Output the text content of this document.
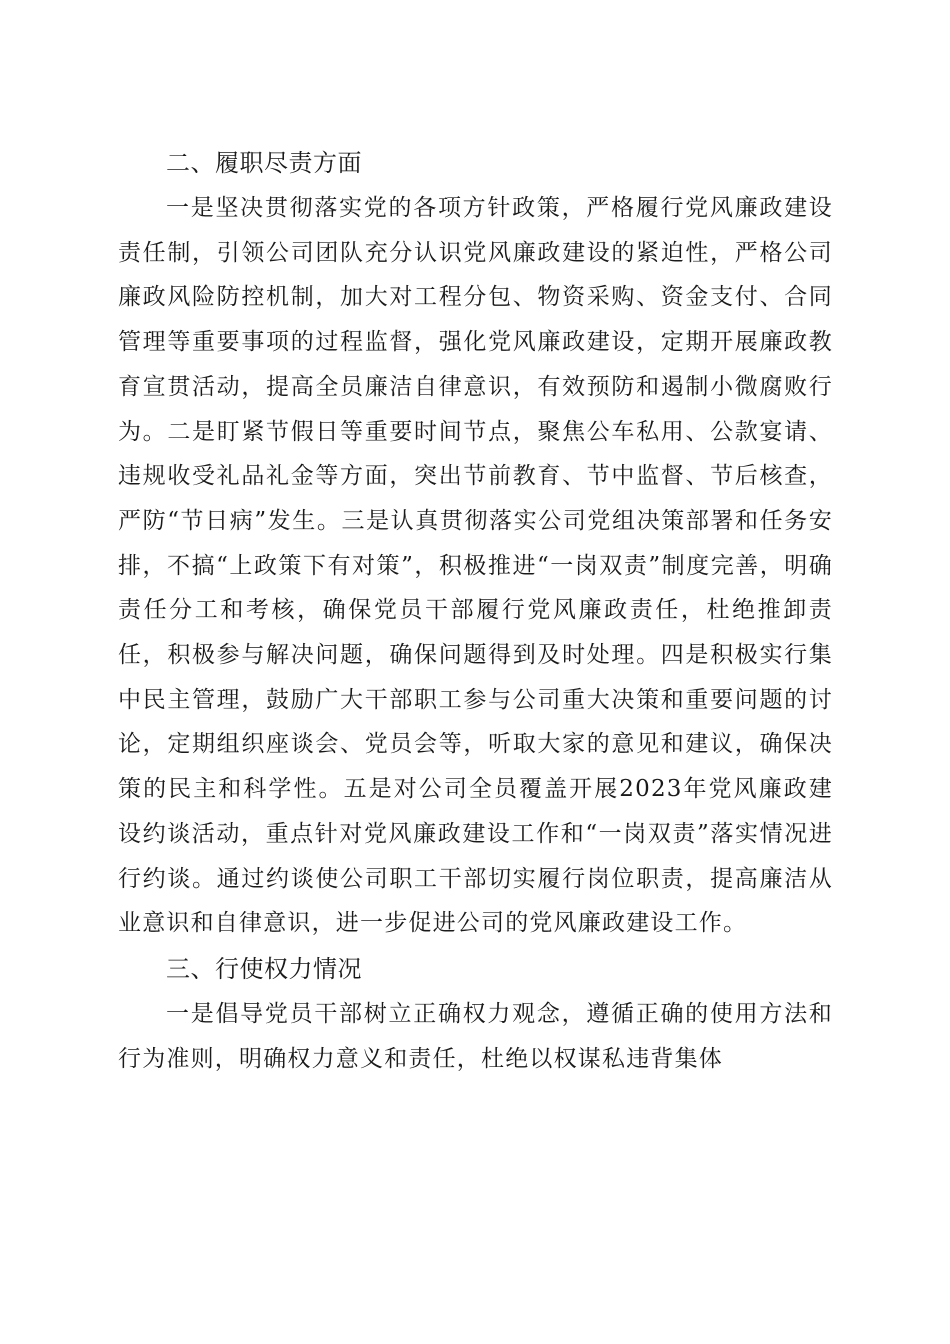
二、履职尽责方面

一是坚决贯彻落实党的各项方针政策，严格履行党风廉政建设责任制，引领公司团队充分认识党风廉政建设的紧迫性，严格公司廉政风险防控机制，加大对工程分包、物资采购、资金支付、合同管理等重要事项的过程监督，强化党风廉政建设，定期开展廉政教育宣贯活动，提高全员廉洁自律意识，有效预防和遏制小微腐败行为。二是盯紧节假日等重要时间节点，聚焦公车私用、公款宴请、违规收受礼品礼金等方面，突出节前教育、节中监督、节后核查，严防“节日病”发生。三是认真贯彻落实公司党组决策部署和任务安排，不搞“上政策下有对策”，积极推进“一岗双责”制度完善，明确责任分工和考核，确保党员干部履行党风廉政责任，杜绝推卸责任，积极参与解决问题，确保问题得到及时处理。四是积极实行集中民主管理，鼓励广大干部职工参与公司重大决策和重要问题的讨论，定期组织座谈会、党员会等，听取大家的意见和建议，确保决策的民主和科学性。五是对公司全员覆盖开展2023年党风廉政建设约谈活动，重点针对党风廉政建设工作和“一岗双责”落实情况进行约谈。通过约谈使公司职工干部切实履行岗位职责，提高廉洁从业意识和自律意识，进一步促进公司的党风廉政建设工作。

三、行使权力情况

一是倡导党员干部树立正确权力观念，遵循正确的使用方法和行为准则，明确权力意义和责任，杜绝以权谋私违背集体
